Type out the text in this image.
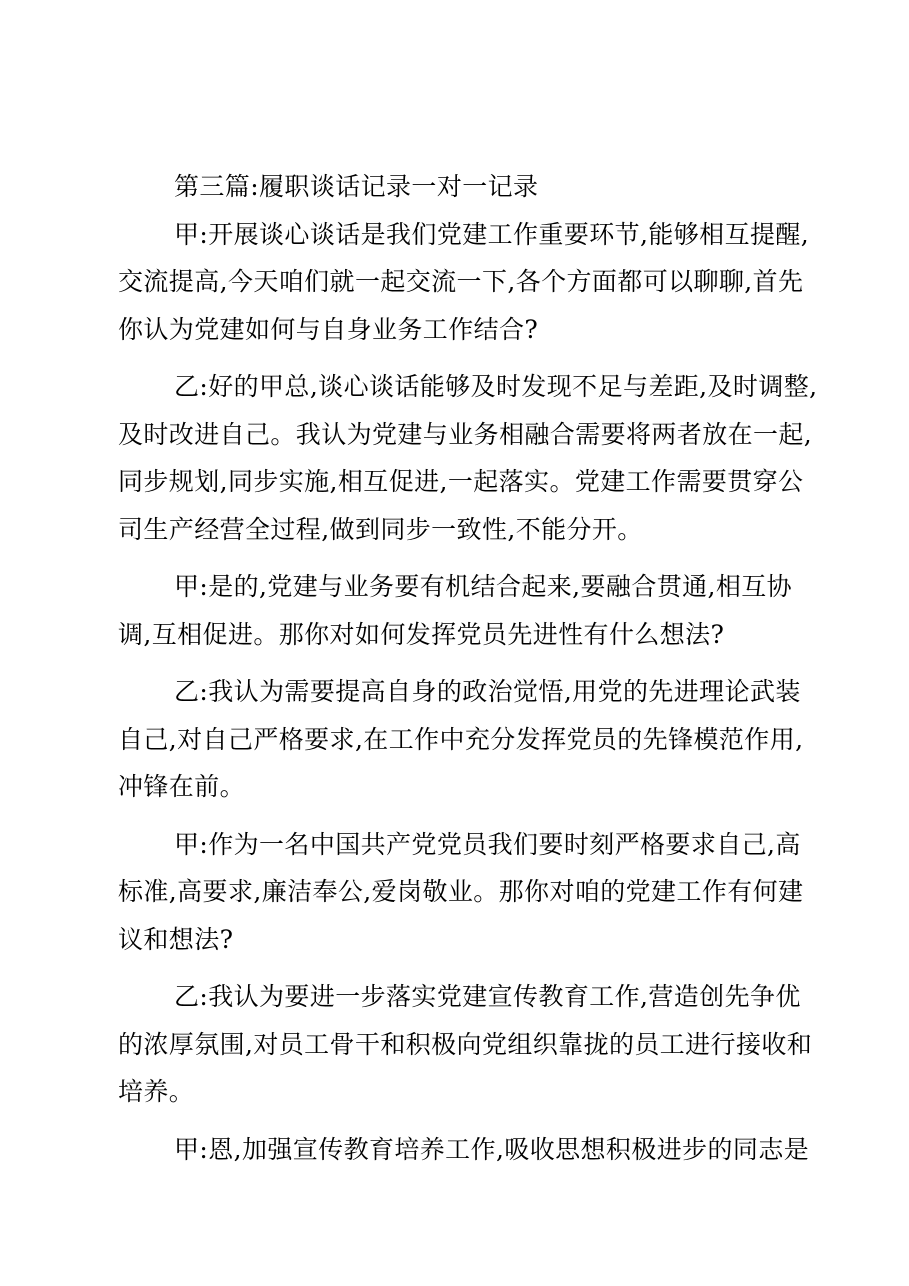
第三篇:履职谈话记录一对一记录
甲:开展谈心谈话是我们党建工作重要环节,能够相互提醒,
交流提高,今天咱们就一起交流一下,各个方面都可以聊聊,首先
你认为党建如何与自身业务工作结合?
乙:好的甲总,谈心谈话能够及时发现不足与差距,及时调整,
及时改进自己。我认为党建与业务相融合需要将两者放在一起,
同步规划,同步实施,相互促进,一起落实。党建工作需要贯穿公
司生产经营全过程,做到同步一致性,不能分开。
甲:是的,党建与业务要有机结合起来,要融合贯通,相互协
调,互相促进。那你对如何发挥党员先进性有什么想法?
乙:我认为需要提高自身的政治觉悟,用党的先进理论武装
自己,对自己严格要求,在工作中充分发挥党员的先锋模范作用,
冲锋在前。
甲:作为一名中国共产党党员我们要时刻严格要求自己,高
标准,高要求,廉洁奉公,爱岗敬业。那你对咱的党建工作有何建
议和想法?
乙:我认为要进一步落实党建宣传教育工作,营造创先争优
的浓厚氛围,对员工骨干和积极向党组织靠拢的员工进行接收和
培养。
甲:恩,加强宣传教育培养工作,吸收思想积极进步的同志是
